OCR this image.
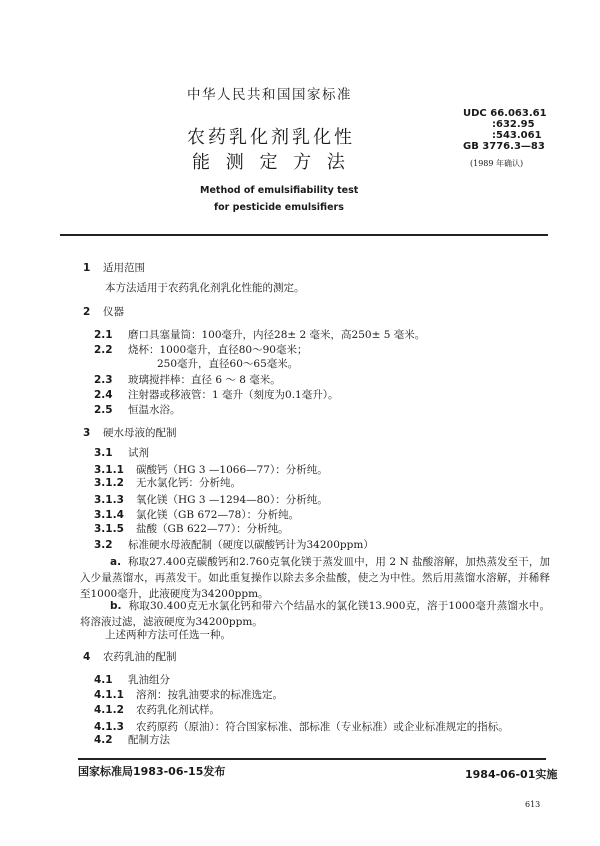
中华人民共和国国家标准
农药乳化剂乳化性
能 测 定 方 法
Method of emulsifiability test
for pesticide emulsifiers
UDC 66.063.61
:632.95
:543.061
GB 3776.3—83
(1989 年确认)
1 适用范围
本方法适用于农药乳化剂乳化性能的测定。
2 仪器
2.1 磨口具塞量筒：100毫升，内径28± 2 毫米，高250± 5 毫米。
2.2 烧杯：1000毫升，直径80～90毫米；
250毫升，直径60～65毫米。
2.3 玻璃搅拌棒：直径 6 ～ 8 毫米。
2.4 注射器或移液管：1 毫升（刻度为0.1毫升）。
2.5 恒温水浴。
3 硬水母液的配制
3.1 试剂
3.1.1 碳酸钙（HG 3 —1066—77）：分析纯。
3.1.2 无水氯化钙：分析纯。
3.1.3 氧化镁（HG 3 —1294—80）：分析纯。
3.1.4 氯化镁（GB 672—78）：分析纯。
3.1.5 盐酸（GB 622—77）：分析纯。
3.2 标准硬水母液配制（硬度以碳酸钙计为34200ppm）
a. 称取27.400克碳酸钙和2.760克氧化镁于蒸发皿中，用 2 N 盐酸溶解，加热蒸发至干，加入少量蒸馏水，再蒸发干。如此重复操作以除去多余盐酸，使之为中性。然后用蒸馏水溶解，并稀释至1000毫升，此液硬度为34200ppm。
b. 称取30.400克无水氯化钙和带六个结晶水的氯化镁13.900克，溶于1000毫升蒸馏水中。将溶液过滤，滤液硬度为34200ppm。
上述两种方法可任选一种。
4 农药乳油的配制
4.1 乳油组分
4.1.1 溶剂：按乳油要求的标准选定。
4.1.2 农药乳化剂试样。
4.1.3 农药原药（原油）：符合国家标准、部标准（专业标准）或企业标准规定的指标。
4.2 配制方法
国家标准局1983-06-15发布	1984-06-01实施
613
